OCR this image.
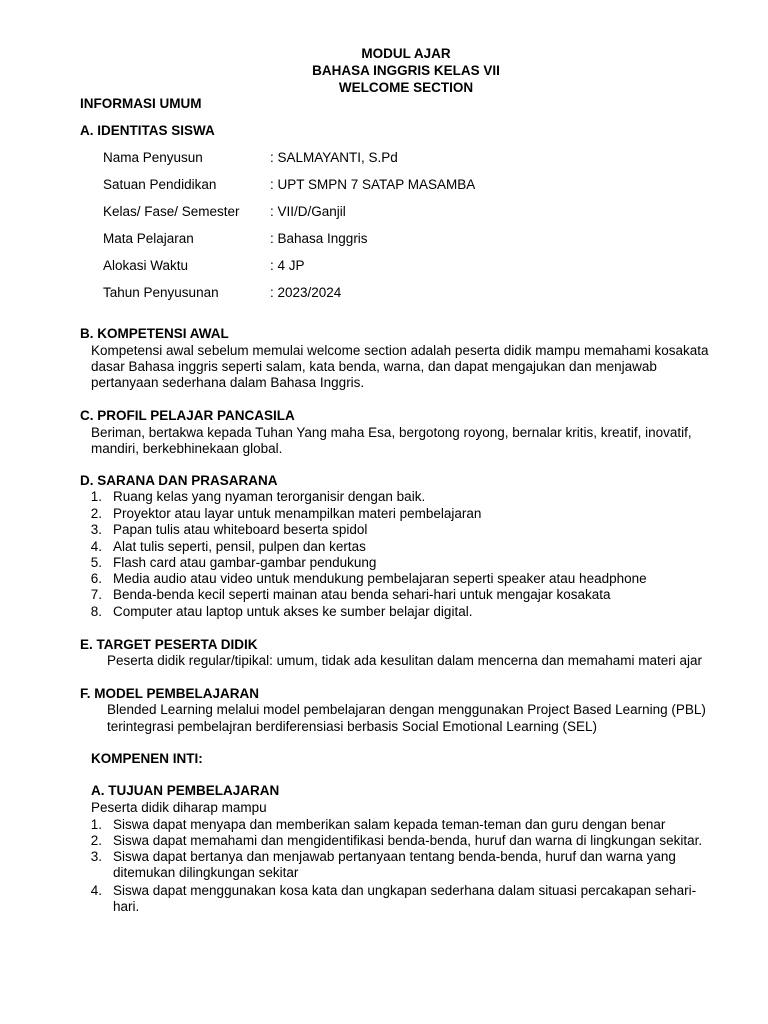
MODUL AJAR
BAHASA INGGRIS KELAS VII
WELCOME SECTION
INFORMASI UMUM
A. IDENTITAS SISWA
Nama Penyusun	: SALMAYANTI, S.Pd
Satuan Pendidikan	: UPT SMPN 7 SATAP MASAMBA
Kelas/ Fase/ Semester : VII/D/Ganjil
Mata Pelajaran	: Bahasa Inggris
Alokasi Waktu	: 4 JP
Tahun Penyusunan	: 2023/2024
B. KOMPETENSI AWAL
Kompetensi awal sebelum memulai welcome section adalah peserta didik mampu memahami kosakata
dasar Bahasa inggris seperti salam, kata benda, warna, dan dapat mengajukan dan menjawab
pertanyaan sederhana dalam Bahasa Inggris.
C. PROFIL PELAJAR PANCASILA
Beriman, bertakwa kepada Tuhan Yang maha Esa, bergotong royong, bernalar kritis, kreatif, inovatif,
mandiri, berkebhinekaan global.
D. SARANA DAN PRASARANA
1. Ruang kelas yang nyaman terorganisir dengan baik.
2. Proyektor atau layar untuk menampilkan materi pembelajaran
3. Papan tulis atau whiteboard beserta spidol
4. Alat tulis seperti, pensil, pulpen dan kertas
5. Flash card atau gambar-gambar pendukung
6. Media audio atau video untuk mendukung pembelajaran seperti speaker atau headphone
7. Benda-benda kecil seperti mainan atau benda sehari-hari untuk mengajar kosakata
8. Computer atau laptop untuk akses ke sumber belajar digital.
E. TARGET PESERTA DIDIK
Peserta didik regular/tipikal: umum, tidak ada kesulitan dalam mencerna dan memahami materi ajar
F. MODEL PEMBELAJARAN
Blended Learning melalui model pembelajaran dengan menggunakan Project Based Learning (PBL)
terintegrasi pembelajran berdiferensiasi berbasis Social Emotional Learning (SEL)
KOMPENEN INTI:
A. TUJUAN PEMBELAJARAN
Peserta didik diharap mampu
1. Siswa dapat menyapa dan memberikan salam kepada teman-teman dan guru dengan benar
2. Siswa dapat memahami dan mengidentifikasi benda-benda, huruf dan warna di lingkungan sekitar.
3. Siswa dapat bertanya dan menjawab pertanyaan tentang benda-benda, huruf dan warna yang
ditemukan dilingkungan sekitar
4. Siswa dapat menggunakan kosa kata dan ungkapan sederhana dalam situasi percakapan sehari-
hari.
